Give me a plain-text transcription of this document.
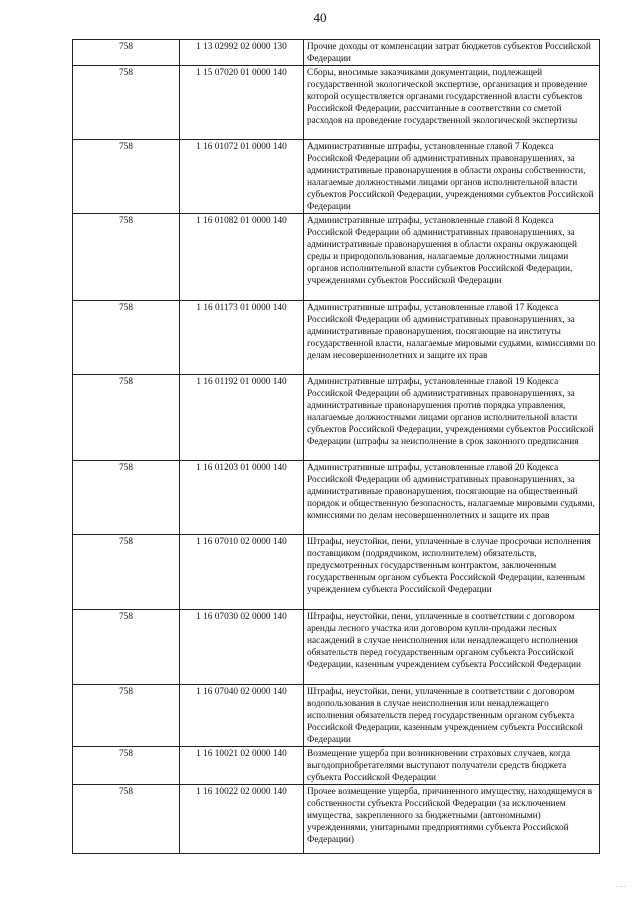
40
758	1 13 02992 02 0000 130	Прочие доходы от компенсации затрат бюджетов субъектов Российской Федерации
758	1 15 07020 01 0000 140	Сборы, вносимые заказчиками документации, подлежащей государственной экологической экспертизе, организация и проведение которой осуществляется органами государственной власти субъектов Российской Федерации, рассчитанные в соответствии со сметой расходов на проведение государственной экологической экспертизы
758	1 16 01072 01 0000 140	Административные штрафы, установленные главой 7 Кодекса Российской Федерации об административных правонарушениях, за административные правонарушения в области охраны собственности, налагаемые должностными лицами органов исполнительной власти субъектов Российской Федерации, учреждениями субъектов Российской Федерации
758	1 16 01082 01 0000 140	Административные штрафы, установленные главой 8 Кодекса Российской Федерации об административных правонарушениях, за административные правонарушения в области охраны окружающей среды и природопользования, налагаемые должностными лицами органов исполнительной власти субъектов Российской Федерации, учреждениями субъектов Российской Федерации
758	1 16 01173 01 0000 140	Административные штрафы, установленные главой 17 Кодекса Российской Федерации об административных правонарушениях, за административные правонарушения, посягающие на институты государственной власти, налагаемые мировыми судьями, комиссиями по делам несовершеннолетних и защите их прав
758	1 16 01192 01 0000 140	Административные штрафы, установленные главой 19 Кодекса Российской Федерации об административных правонарушениях, за административные правонарушения против порядка управления, налагаемые должностными лицами органов исполнительной власти субъектов Российской Федерации, учреждениями субъектов Российской Федерации (штрафы за неисполнение в срок законного предписания
758	1 16 01203 01 0000 140	Административные штрафы, установленные главой 20 Кодекса Российской Федерации об административных правонарушениях, за административные правонарушения, посягающие на общественный порядок и общественную безопасность, налагаемые мировыми судьями, комиссиями по делам несовершеннолетних и защите их прав
758	1 16 07010 02 0000 140	Штрафы, неустойки, пени, уплаченные в случае просрочки исполнения поставщиком (подрядчиком, исполнителем) обязательств, предусмотренных государственным контрактом, заключенным государственным органом субъекта Российской Федерации, казенным учреждением субъекта Российской Федерации
758	1 16 07030 02 0000 140	Штрафы, неустойки, пени, уплаченные в соответствии с договором аренды лесного участка или договором купли-продажи лесных насаждений в случае неисполнения или ненадлежащего исполнения обязательств перед государственным органом субъекта Российской Федерации, казенным учреждением субъекта Российской Федерации
758	1 16 07040 02 0000 140	Штрафы, неустойки, пени, уплаченные в соответствии с договором водопользования в случае неисполнения или ненадлежащего исполнения обязательств перед государственным органом субъекта Российской Федерации, казенным учреждением субъекта Российской Федерации
758	1 16 10021 02 0000 140	Возмещение ущерба при возникновении страховых случаев, когда выгодоприобретателями выступают получатели средств бюджета субъекта Российской Федерации
758	1 16 10022 02 0000 140	Прочее возмещение ущерба, причиненного имуществу, находящемуся в собственности субъекта Российской Федерации (за исключением имущества, закрепленного за бюджетными (автономными) учреждениями, унитарными предприятиями субъекта Российской Федерации)
. . .
